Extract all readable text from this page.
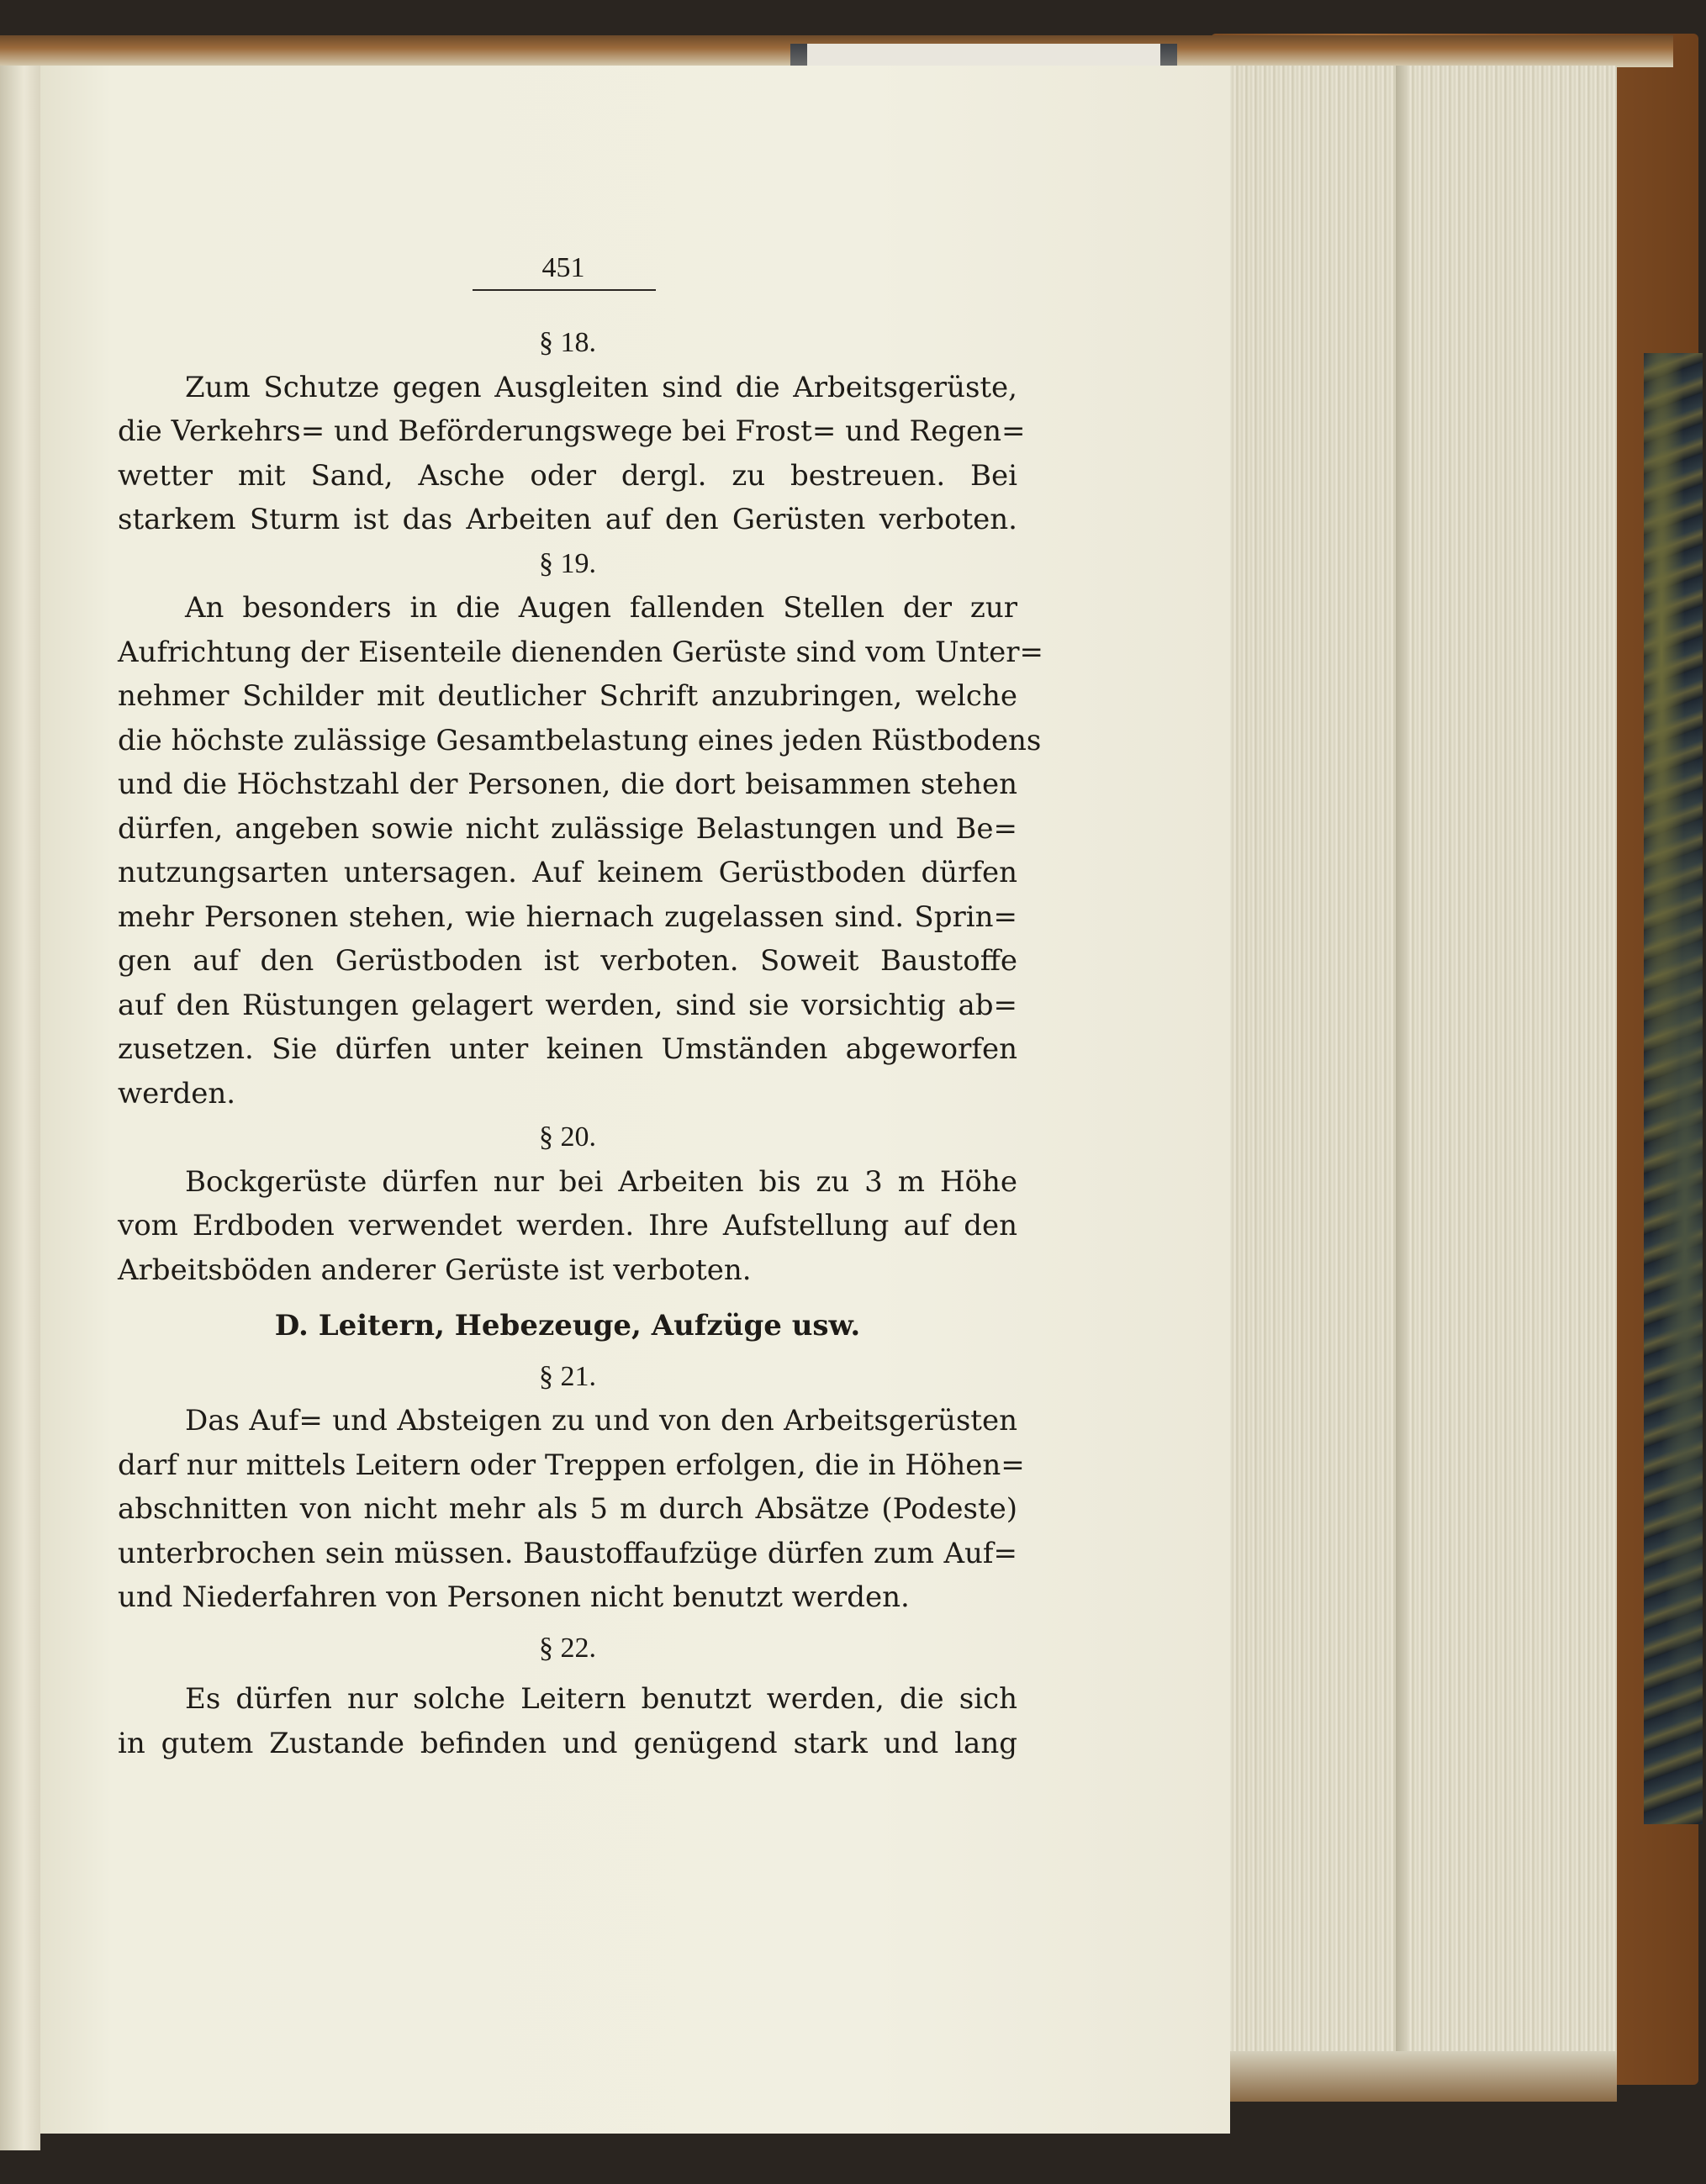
451
§ 18.
Zum Schutze gegen Ausgleiten sind die Arbeitsgerüste,
die Verkehrs= und Beförderungswege bei Frost= und Regen=
wetter mit Sand, Asche oder dergl. zu bestreuen. Bei
starkem Sturm ist das Arbeiten auf den Gerüsten verboten.
§ 19.
An besonders in die Augen fallenden Stellen der zur
Aufrichtung der Eisenteile dienenden Gerüste sind vom Unter=
nehmer Schilder mit deutlicher Schrift anzubringen, welche
die höchste zulässige Gesamtbelastung eines jeden Rüstbodens
und die Höchstzahl der Personen, die dort beisammen stehen
dürfen, angeben sowie nicht zulässige Belastungen und Be=
nutzungsarten untersagen. Auf keinem Gerüstboden dürfen
mehr Personen stehen, wie hiernach zugelassen sind. Sprin=
gen auf den Gerüstboden ist verboten. Soweit Baustoffe
auf den Rüstungen gelagert werden, sind sie vorsichtig ab=
zusetzen. Sie dürfen unter keinen Umständen abgeworfen
werden.
§ 20.
Bockgerüste dürfen nur bei Arbeiten bis zu 3 m Höhe
vom Erdboden verwendet werden. Ihre Aufstellung auf den
Arbeitsböden anderer Gerüste ist verboten.
D. Leitern, Hebezeuge, Aufzüge usw.
§ 21.
Das Auf= und Absteigen zu und von den Arbeitsgerüsten
darf nur mittels Leitern oder Treppen erfolgen, die in Höhen=
abschnitten von nicht mehr als 5 m durch Absätze (Podeste)
unterbrochen sein müssen. Baustoffaufzüge dürfen zum Auf=
und Niederfahren von Personen nicht benutzt werden.
§ 22.
Es dürfen nur solche Leitern benutzt werden, die sich
in gutem Zustande befinden und genügend stark und lang
